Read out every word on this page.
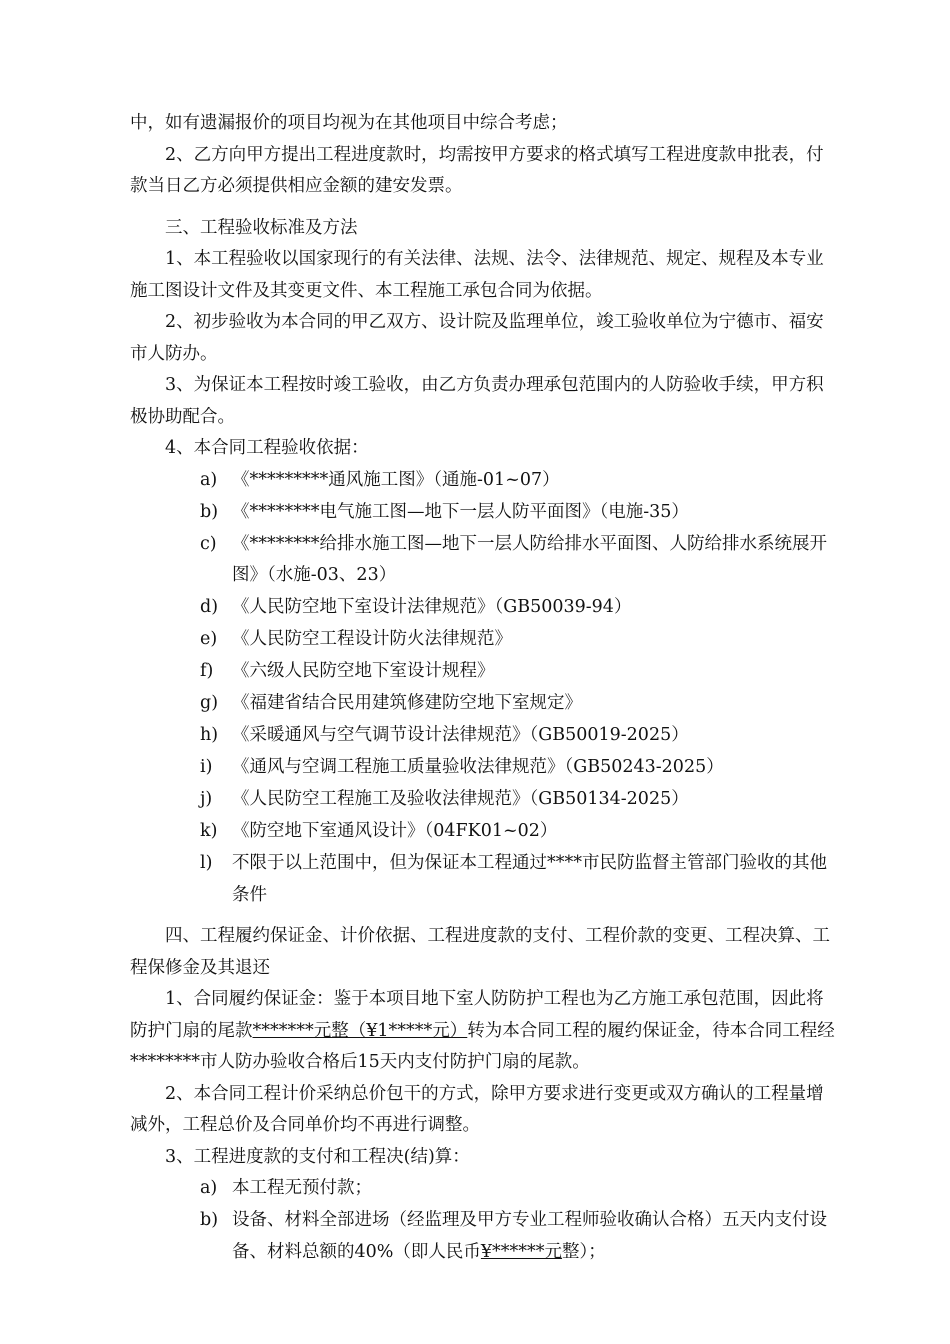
中，如有遗漏报价的项目均视为在其他项目中综合考虑；

2、乙方向甲方提出工程进度款时，均需按甲方要求的格式填写工程进度款申批表，付款当日乙方必须提供相应金额的建安发票。

三、工程验收标准及方法

1、本工程验收以国家现行的有关法律、法规、法令、法律规范、规定、规程及本专业施工图设计文件及其变更文件、本工程施工承包合同为依据。

2、初步验收为本合同的甲乙双方、设计院及监理单位，竣工验收单位为宁德市、福安市人防办。

3、为保证本工程按时竣工验收，由乙方负责办理承包范围内的人防验收手续，甲方积极协助配合。

4、本合同工程验收依据：

a) 《*********通风施工图》（通施-01~07）
b) 《********电气施工图—地下一层人防平面图》（电施-35）
c) 《********给排水施工图—地下一层人防给排水平面图、人防给排水系统展开图》（水施-03、23）
d) 《人民防空地下室设计法律规范》（GB50039-94）
e) 《人民防空工程设计防火法律规范》
f)	《六级人民防空地下室设计规程》
g) 《福建省结合民用建筑修建防空地下室规定》
h) 《采暖通风与空气调节设计法律规范》（GB50019-2025）
i)	《通风与空调工程施工质量验收法律规范》（GB50243-2025）
j)	《人民防空工程施工及验收法律规范》（GB50134-2025）
k) 《防空地下室通风设计》（04FK01~02）
l)	不限于以上范围中，但为保证本工程通过****市民防监督主管部门验收的其他条件

四、工程履约保证金、计价依据、工程进度款的支付、工程价款的变更、工程决算、工程保修金及其退还

1、合同履约保证金：鉴于本项目地下室人防防护工程也为乙方施工承包范围，因此将防护门扇的尾款*******元整（¥1*****元）转为本合同工程的履约保证金，待本合同工程经********市人防办验收合格后15天内支付防护门扇的尾款。

2、本合同工程计价采纳总价包干的方式，除甲方要求进行变更或双方确认的工程量增减外，工程总价及合同单价均不再进行调整。

3、工程进度款的支付和工程决(结)算：

a) 本工程无预付款；
b) 设备、材料全部进场（经监理及甲方专业工程师验收确认合格）五天内支付设备、材料总额的40%（即人民币¥******元整）；
